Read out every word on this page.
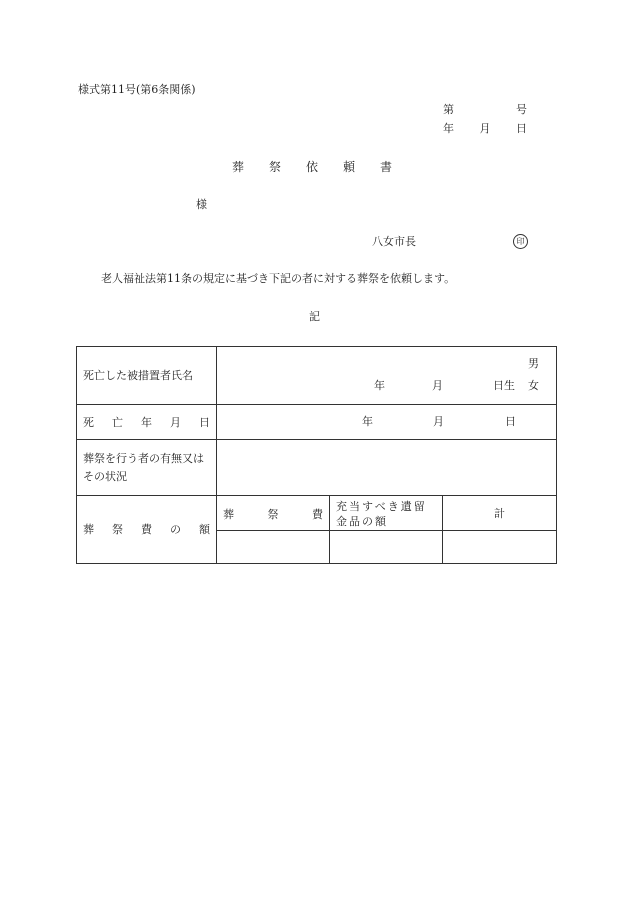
様式第11号(第6条関係)
第	号
年 月 日
葬 祭 依 頼 書
様
八女市長	印
老人福祉法第11条の規定に基づき下記の者に対する葬祭を依頼します。
記
死亡した被措置者氏名	年 月 日生
男
女		

死 亡 年 月 日	年 月 日		

葬祭を行う者の有無又はその状況			

葬 祭 費 の 額	葬 祭 費	充当すべき遺留金品の額	計
